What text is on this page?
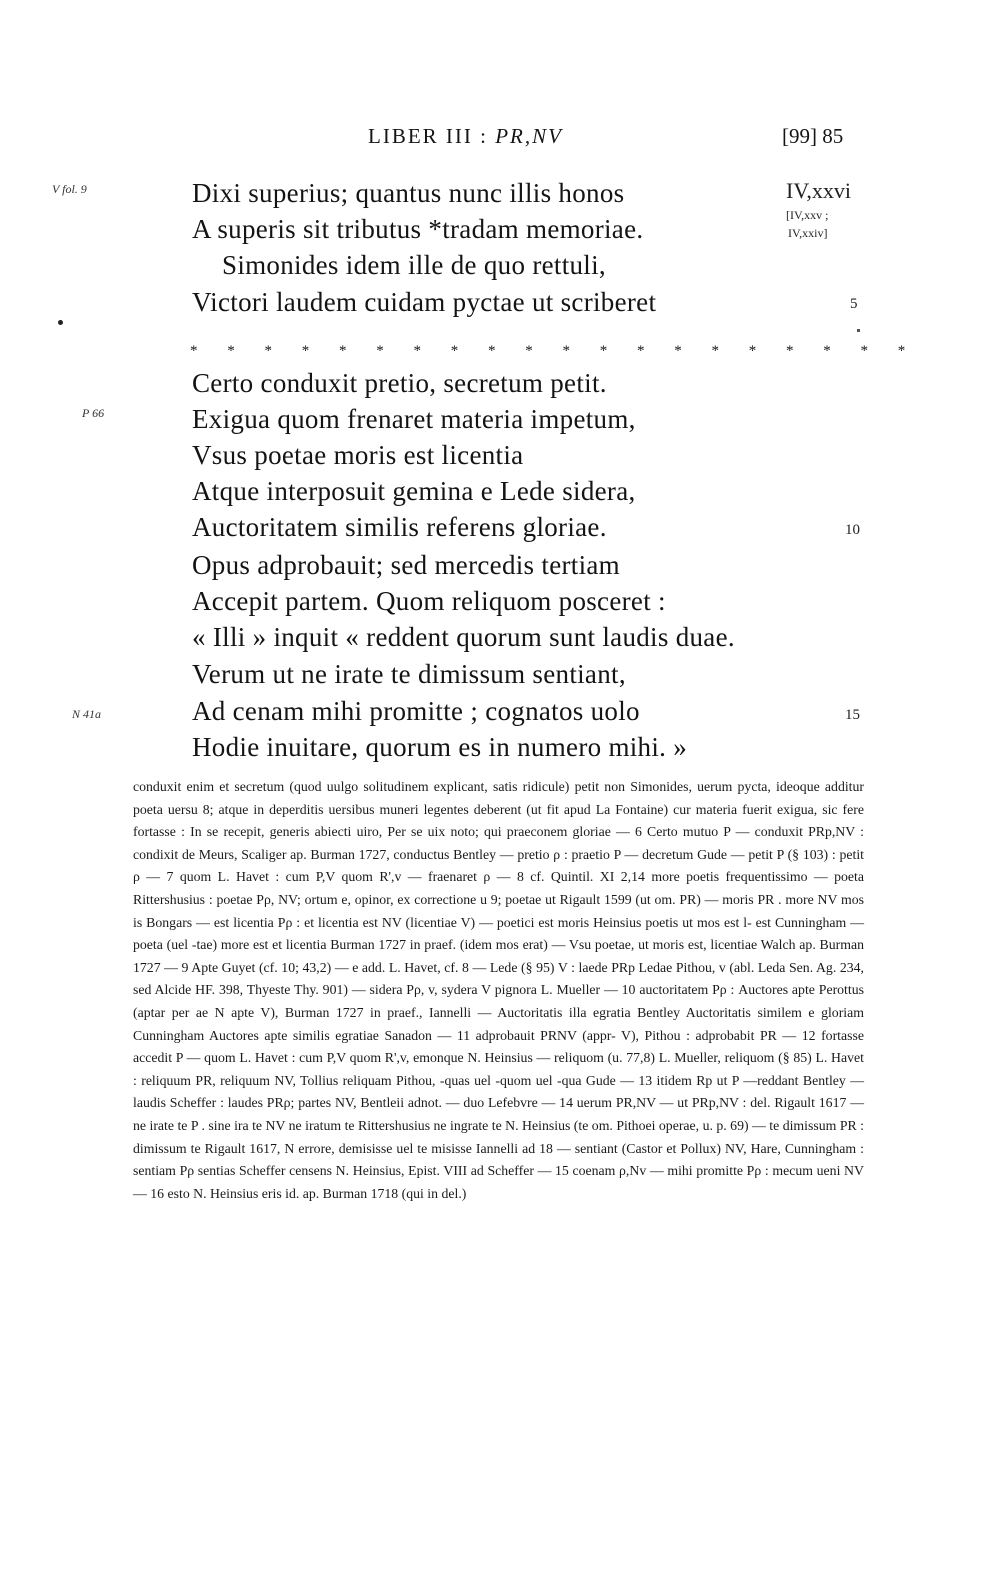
LIBER III : PR,NV	[99] 85
V fol. 9
P 66
N 41a
IV,xxvi
[IV,xxv ;
IV,xxiv]
Dixi superius; quantus nunc illis honos
A superis sit tributus *tradam memoriae.
Simonides idem ille de quo rettuli,
Victori laudem cuidam pyctae ut scriberet	5
* * * * * * * * * * * * * * * * * * * *
Certo conduxit pretio, secretum petit.
Exigua quom frenaret materia impetum,
Vsus poetae moris est licentia
Atque interposuit gemina e Lede sidera,
Auctoritatem similis referens gloriae.	10
Opus adprobauit; sed mercedis tertiam
Accepit partem. Quom reliquom posceret :
« Illi » inquit « reddent quorum sunt laudis duae.
Verum ut ne irate te dimissum sentiant,
Ad cenam mihi promitte ; cognatos uolo	15
Hodie inuitare, quorum es in numero mihi. »
conduxit enim et secretum (quod uulgo solitudinem explicant, satis ridicule) petit non Simonides, uerum pycta, ideoque additur poeta uersu 8; atque in deperditis uersibus muneri legentes deberent (ut fit apud La Fontaine) cur materia fuerit exigua, sic fere fortasse : In se recepit, generis abiecti uiro, Per se uix noto; qui praeconem gloriae — 6 Certo mutuo P — conduxit PRp,NV : condixit de Meurs, Scaliger ap. Burman 1727, conductus Bentley — pretio ρ : praetio P — decretum Gude — petit P (§ 103) : petit ρ — 7 quom L. Havet : cum P,V quom R',v — fraenaret ρ — 8 cf. Quintil. XI 2,14 more poetis frequentissimo — poeta Rittershusius : poetae Pρ, NV; ortum e, opinor, ex correctione u 9; poetae ut Rigault 1599 (ut om. PR) — moris PR . more NV mos is Bongars — est licentia Pρ : et licentia est NV (licentiae V) — poetici est moris Heinsius poetis ut mos est l- est Cunningham — poeta (uel -tae) more est et licentia Burman 1727 in praef. (idem mos erat) — Vsu poetae, ut moris est, licentiae Walch ap. Burman 1727 — 9 Apte Guyet (cf. 10; 43,2) — e add. L. Havet, cf. 8 — Lede (§ 95) V : laede PRp Ledae Pithou, v (abl. Leda Sen. Ag. 234, sed Alcide HF. 398, Thyeste Thy. 901) — sidera Pρ, v, sydera V pignora L. Mueller — 10 auctoritatem Pρ : Auctores apte Perottus (aptar per ae N apte V), Burman 1727 in praef., Iannelli — Auctoritatis illa egratia Bentley Auctoritatis similem e gloriam Cunningham Auctores apte similis egratiae Sanadon — 11 adprobauit PRNV (appr- V), Pithou : adprobabit PR — 12 fortasse accedit P — quom L. Havet : cum P,V quom R',v, emonque N. Heinsius — reliquom (u. 77,8) L. Mueller, reliquom (§ 85) L. Havet : reliquum PR, reliquum NV, Tollius reliquam Pithou, -quas uel -quom uel -qua Gude — 13 itidem Rp ut P —reddant Bentley — laudis Scheffer : laudes PRρ; partes NV, Bentleii adnot. — duo Lefebvre — 14 uerum PR,NV — ut PRp,NV : del. Rigault 1617 — ne irate te P . sine ira te NV ne iratum te Rittershusius ne ingrate te N. Heinsius (te om. Pithoei operae, u. p. 69) — te dimissum PR : dimissum te Rigault 1617, N errore, demisisse uel te misisse Iannelli ad 18 — sentiant (Castor et Pollux) NV, Hare, Cunningham : sentiam Pρ sentias Scheffer censens N. Heinsius, Epist. VIII ad Scheffer — 15 coenam ρ,Nv — mihi promitte Pρ : mecum ueni NV — 16 esto N. Heinsius eris id. ap. Burman 1718 (qui in del.)
